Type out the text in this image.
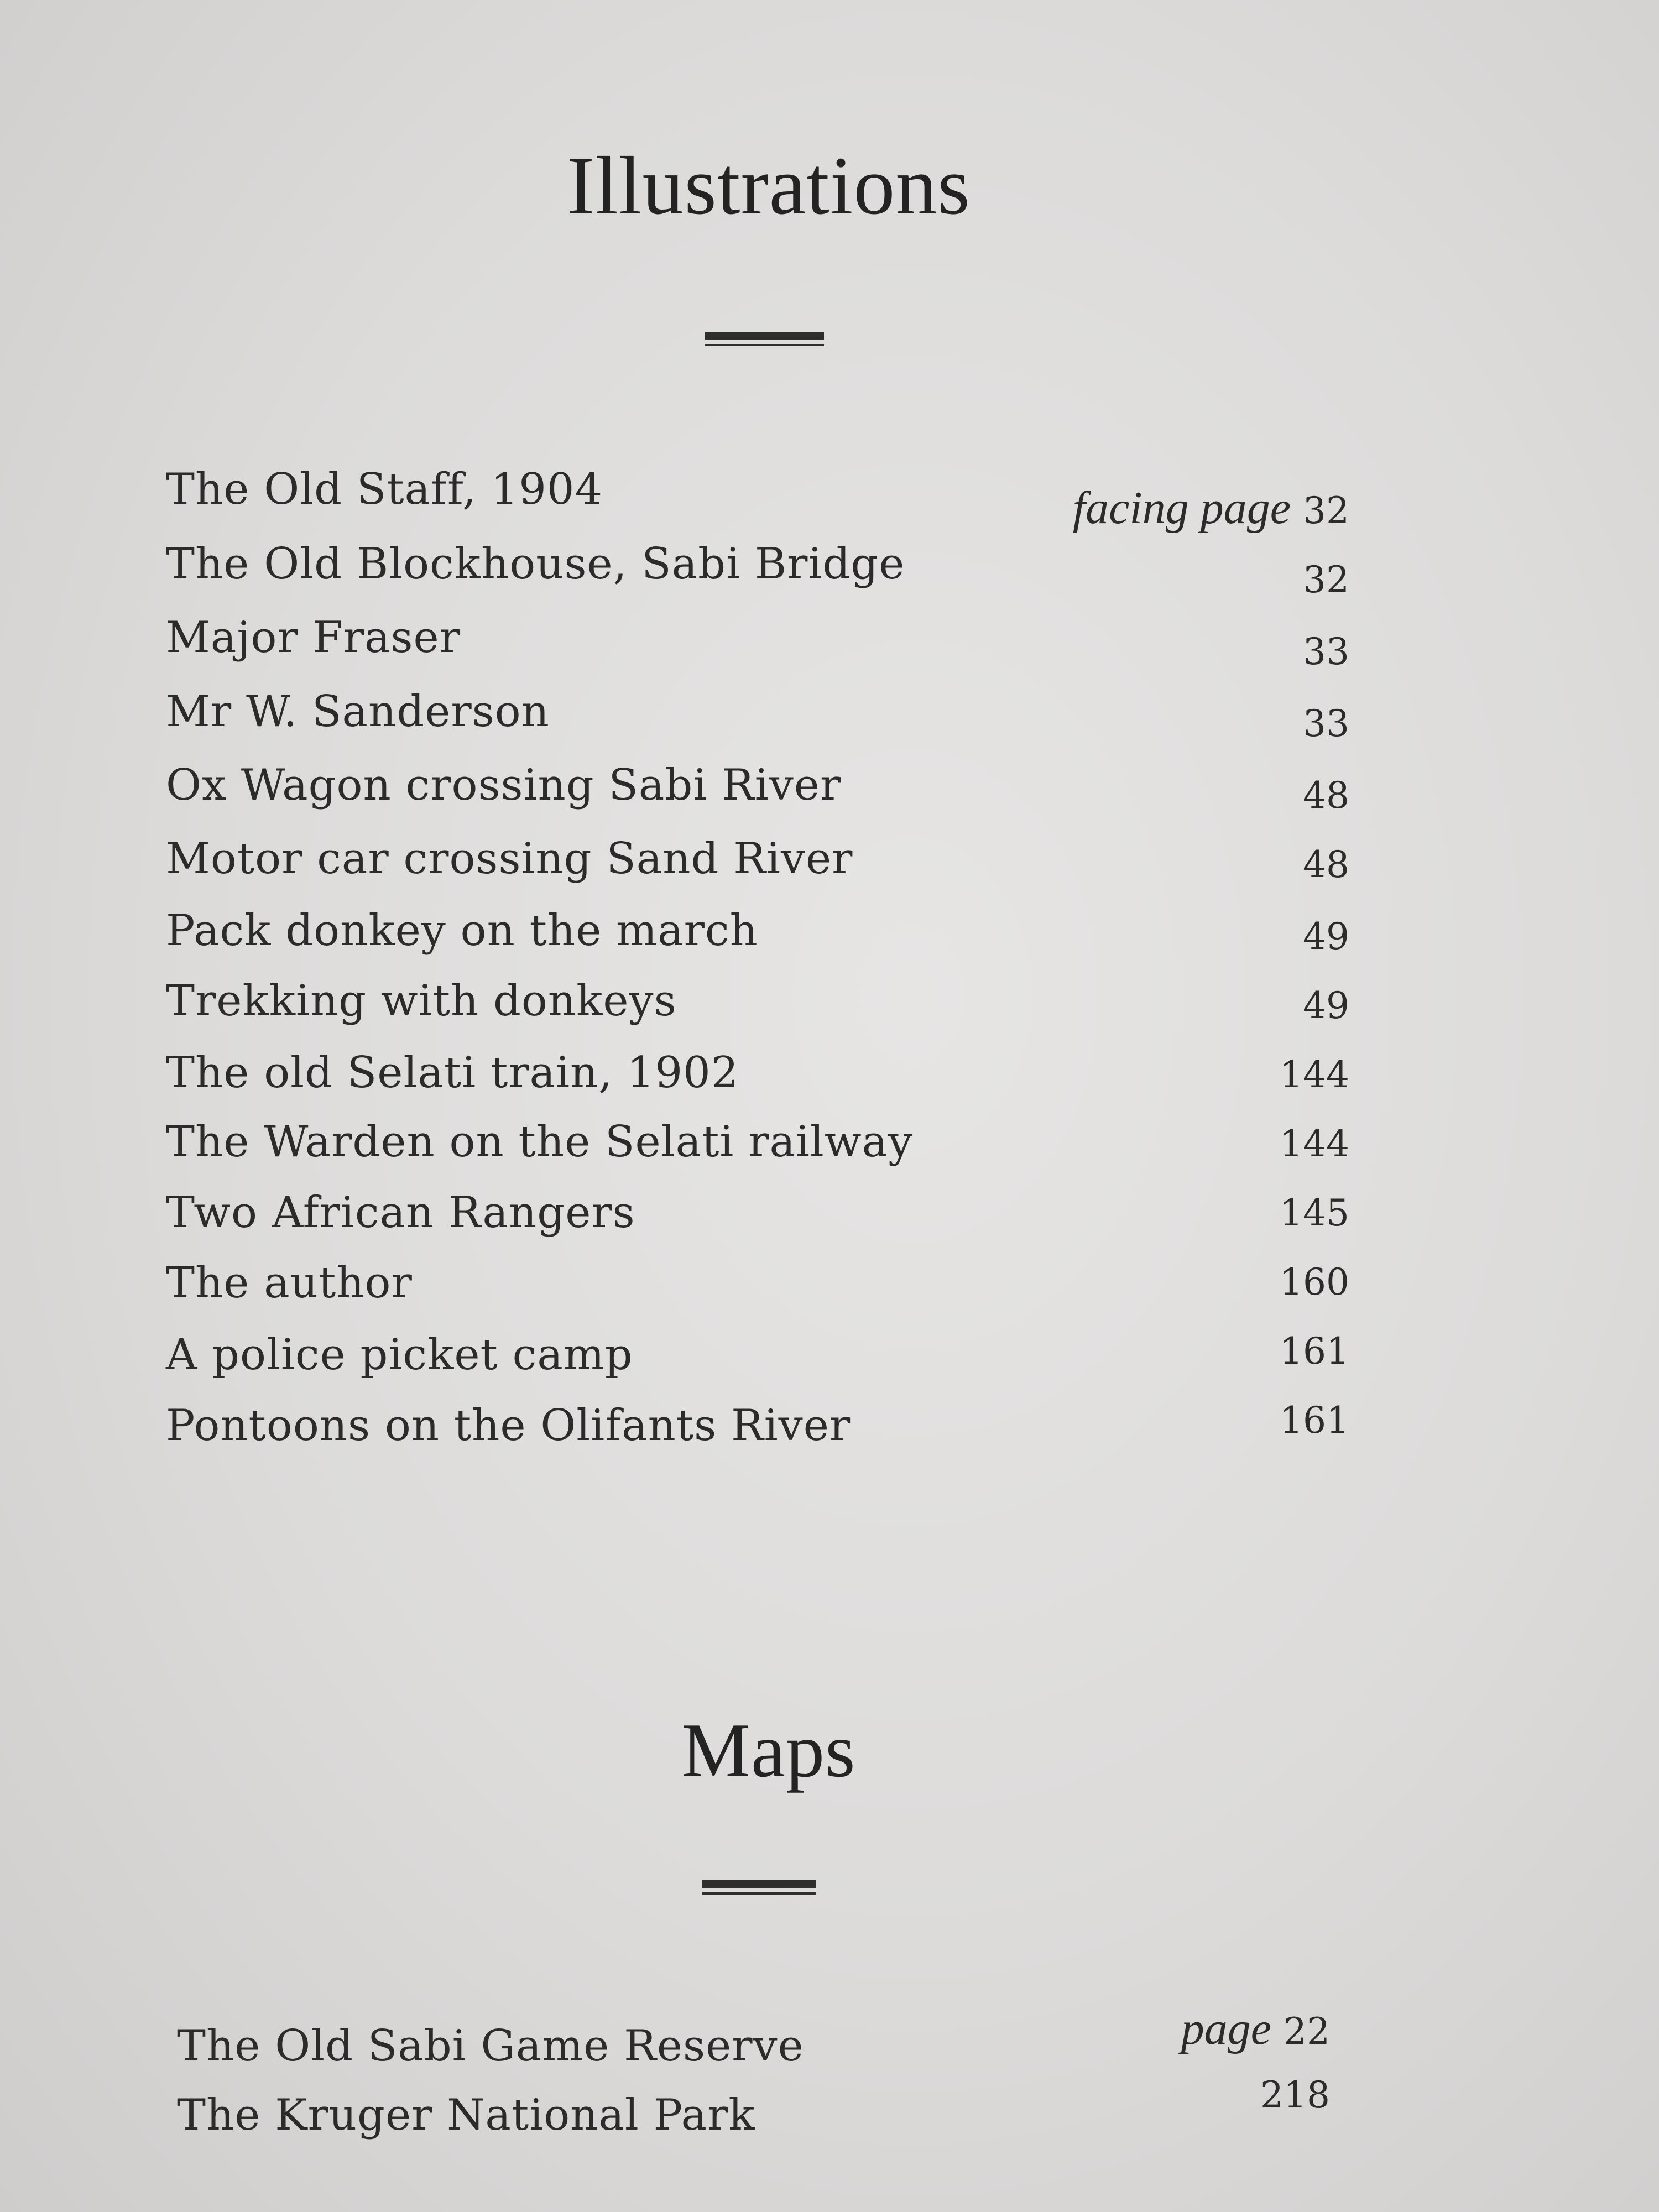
Illustrations
The Old Staff, 1904	facing page 32
The Old Blockhouse, Sabi Bridge	32
Major Fraser	33
Mr W. Sanderson	33
Ox Wagon crossing Sabi River	48
Motor car crossing Sand River	48
Pack donkey on the march	49
Trekking with donkeys	49
The old Selati train, 1902	144
The Warden on the Selati railway	144
Two African Rangers	145
The author	160
A police picket camp	161
Pontoons on the Olifants River	161
Maps
The Old Sabi Game Reserve	page 22
The Kruger National Park	218
